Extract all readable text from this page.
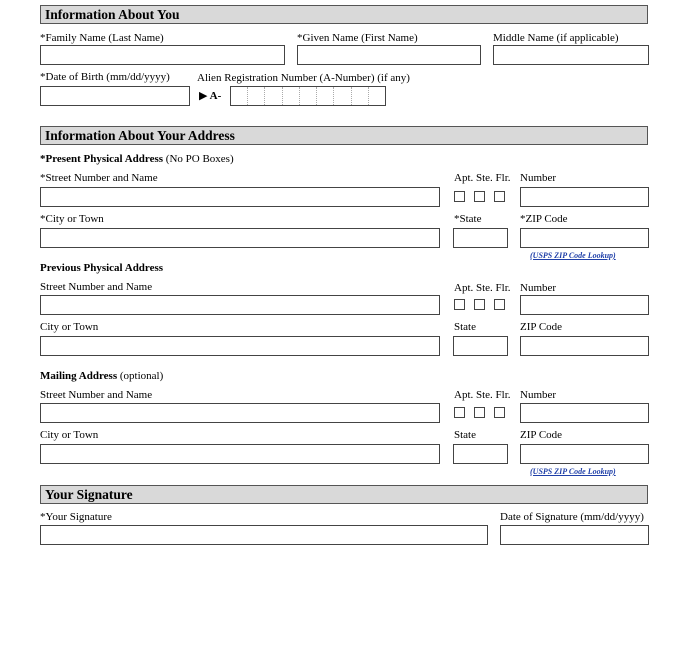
Information About You
*Family Name (Last Name)	*Given Name (First Name)	Middle Name (if applicable)
*Date of Birth (mm/dd/yyyy) Alien Registration Number (A-Number) (if any)
▶ A-
Information About Your Address
*Present Physical Address (No PO Boxes)
*Street Number and Name	Apt. Ste. Flr. Number
*City or Town	*State	*ZIP Code
(USPS ZIP Code Lookup)
Previous Physical Address
Street Number and Name	Apt. Ste. Flr. Number
City or Town	State	ZIP Code
Mailing Address (optional)
Street Number and Name	Apt. Ste. Flr. Number
City or Town	State	ZIP Code
(USPS ZIP Code Lookup)
Your Signature
*Your Signature	Date of Signature (mm/dd/yyyy)
